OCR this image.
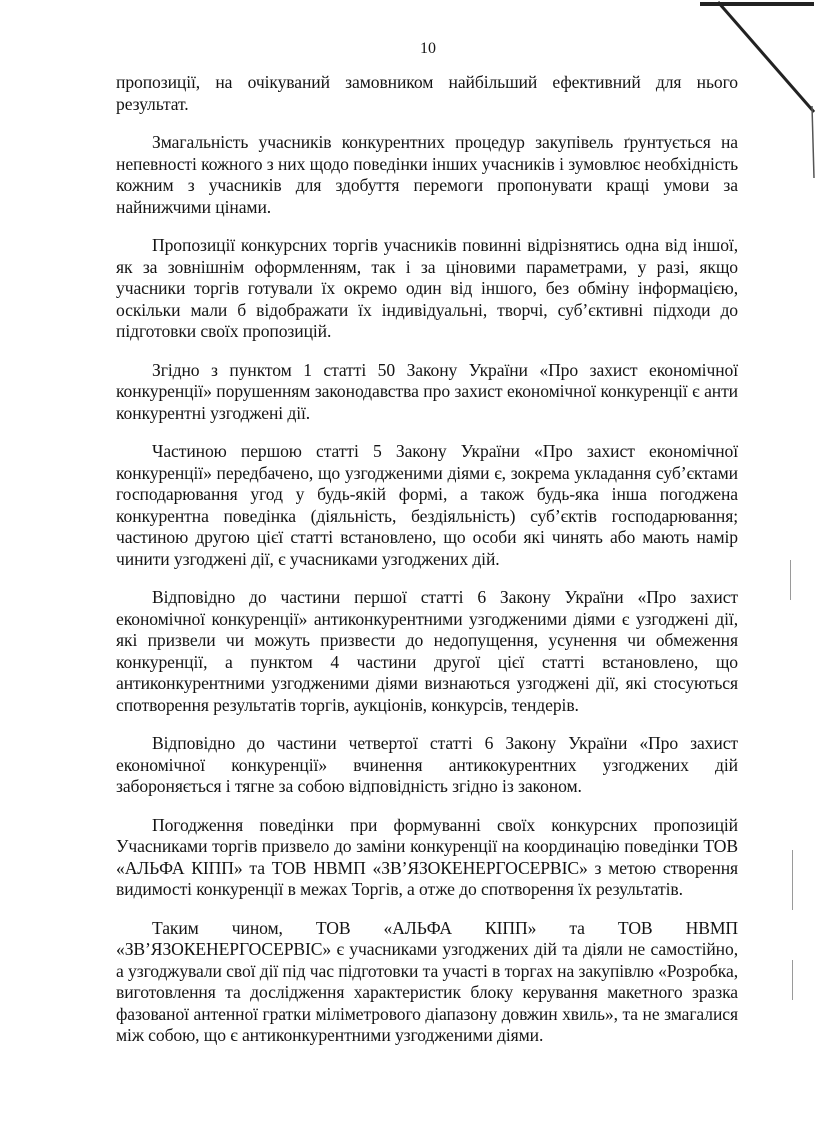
10

пропозиції, на очікуваний замовником найбільший ефективний для нього результат.

Змагальність учасників конкурентних процедур закупівель ґрунтується на непевності кожного з них щодо поведінки інших учасників і зумовлює необхідність кожним з учасників для здобуття перемоги пропонувати кращі умови за найнижчими цінами.

Пропозиції конкурсних торгів учасників повинні відрізнятись одна від іншої, як за зовнішнім оформленням, так і за ціновими параметрами, у разі, якщо учасники торгів готували їх окремо один від іншого, без обміну інформацією, оскільки мали б відображати їх індивідуальні, творчі, суб’єктивні підходи до підготовки своїх пропозицій.

Згідно з пунктом 1 статті 50 Закону України «Про захист економічної конкуренції» порушенням законодавства про захист економічної конкуренції є анти конкурентні узгоджені дії.

Частиною першою статті 5 Закону України «Про захист економічної конкуренції» передбачено, що узгодженими діями є, зокрема укладання суб’єктами господарювання угод у будь-якій формі, а також будь-яка інша погоджена конкурентна поведінка (діяльність, бездіяльність) суб’єктів господарювання; частиною другою цієї статті встановлено, що особи які чинять або мають намір чинити узгоджені дії, є учасниками узгоджених дій.

Відповідно до частини першої статті 6 Закону України «Про захист економічної конкуренції» антиконкурентними узгодженими діями є узгоджені дії, які призвели чи можуть призвести до недопущення, усунення чи обмеження конкуренції, а пунктом 4 частини другої цієї статті встановлено, що антиконкурентними узгодженими діями визнаються узгоджені дії, які стосуються спотворення результатів торгів, аукціонів, конкурсів, тендерів.

Відповідно до частини четвертої статті 6 Закону України «Про захист економічної конкуренції» вчинення антикокурентних узгоджених дій забороняється і тягне за собою відповідність згідно із законом.

Погодження поведінки при формуванні своїх конкурсних пропозицій Учасниками торгів призвело до заміни конкуренції на координацію поведінки ТОВ «АЛЬФА КІПП» та ТОВ НВМП «ЗВ’ЯЗОКЕНЕРГОСЕРВІС» з метою створення видимості конкуренції в межах Торгів, а отже до спотворення їх результатів.

Таким чином, ТОВ «АЛЬФА КІПП» та ТОВ НВМП «ЗВ’ЯЗОКЕНЕРГОСЕРВІС» є учасниками узгоджених дій та діяли не самостійно, а узгоджували свої дії під час підготовки та участі в торгах на закупівлю «Розробка, виготовлення та дослідження характеристик блоку керування макетного зразка фазованої антенної гратки міліметрового діапазону довжин хвиль», та не змагалися між собою, що є антиконкурентними узгодженими діями.
